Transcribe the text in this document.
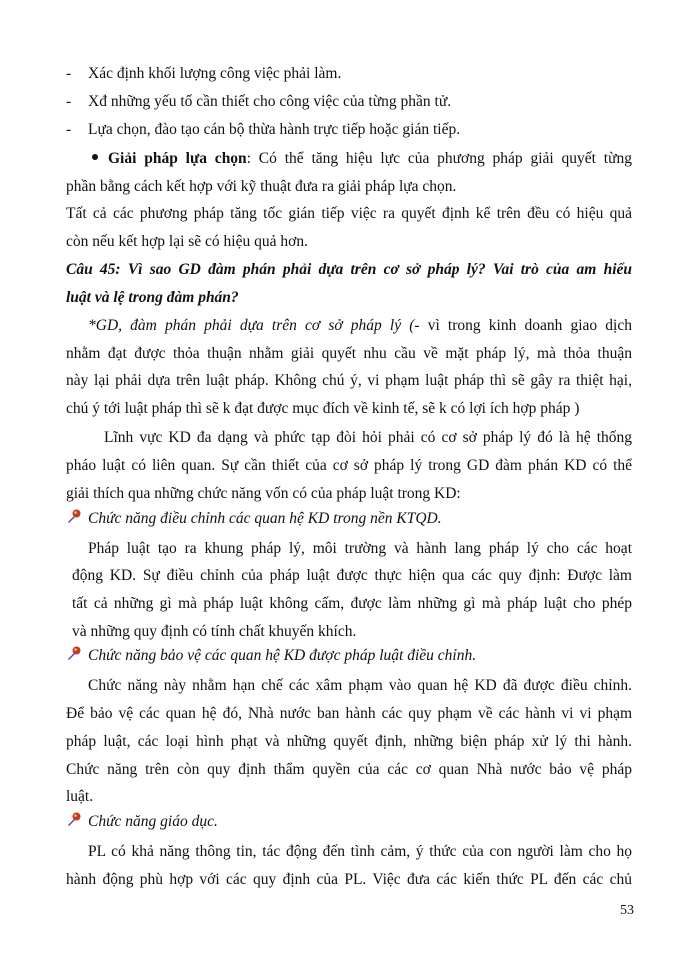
- Xác định khối lượng công việc phải làm.
- Xđ những yếu tố cần thiết cho công việc của từng phần tử.
- Lựa chọn, đào tạo cán bộ thừa hành trực tiếp hoặc gián tiếp.
Giải pháp lựa chọn: Có thể tăng hiệu lực của phương pháp giải quyết từng
phần bằng cách kết hợp với kỹ thuật đưa ra giải pháp lựa chọn.
Tất cả các phương pháp tăng tốc gián tiếp việc ra quyết định kể trên đều có hiệu quả
còn nếu kết hợp lại sẽ có hiệu quả hơn.
Câu 45: Vì sao GD đàm phán phải dựa trên cơ sở pháp lý? Vai trò của am hiểu
luật và lệ trong đàm phán?
*GD, đàm phán phải dựa trên cơ sở pháp lý (- vì trong kinh doanh giao dịch
nhằm đạt được thỏa thuận nhằm giải quyết nhu cầu về mặt pháp lý, mà thỏa thuận
này lại phải dựa trên luật pháp. Không chú ý, vi phạm luật pháp thì sẽ gây ra thiệt hại,
chú ý tới luật pháp thì sẽ k đạt được mục đích về kinh tế, sẽ k có lợi ích hợp pháp )
Lĩnh vực KD đa dạng và phức tạp đòi hỏi phải có cơ sở pháp lý đó là hệ thống
pháo luật có liên quan. Sự cần thiết của cơ sở pháp lý trong GD đàm phán KD có thể
giải thích qua những chức năng vốn có của pháp luật trong KD:
Chức năng điều chỉnh các quan hệ KD trong nền KTQD.
Pháp luật tạo ra khung pháp lý, môi trường và hành lang pháp lý cho các hoạt
động KD. Sự điều chỉnh của pháp luật được thực hiện qua các quy định: Được làm
tất cả những gì mà pháp luật không cấm, được làm những gì mà pháp luật cho phép
và những quy định có tính chất khuyến khích.
Chức năng bảo vệ các quan hệ KD được pháp luật điều chỉnh.
Chức năng này nhằm hạn chế các xâm phạm vào quan hệ KD đã được điều chỉnh.
Để bảo vệ các quan hệ đó, Nhà nước ban hành các quy phạm về các hành vi vi phạm
pháp luật, các loại hình phạt và những quyết định, những biện pháp xử lý thi hành.
Chức năng trên còn quy định thẩm quyền của các cơ quan Nhà nước bảo vệ pháp
luật.
Chức năng giáo dục.
PL có khả năng thông tin, tác động đến tình cảm, ý thức của con người làm cho họ
hành động phù hợp với các quy định của PL. Việc đưa các kiến thức PL đến các chủ
53
